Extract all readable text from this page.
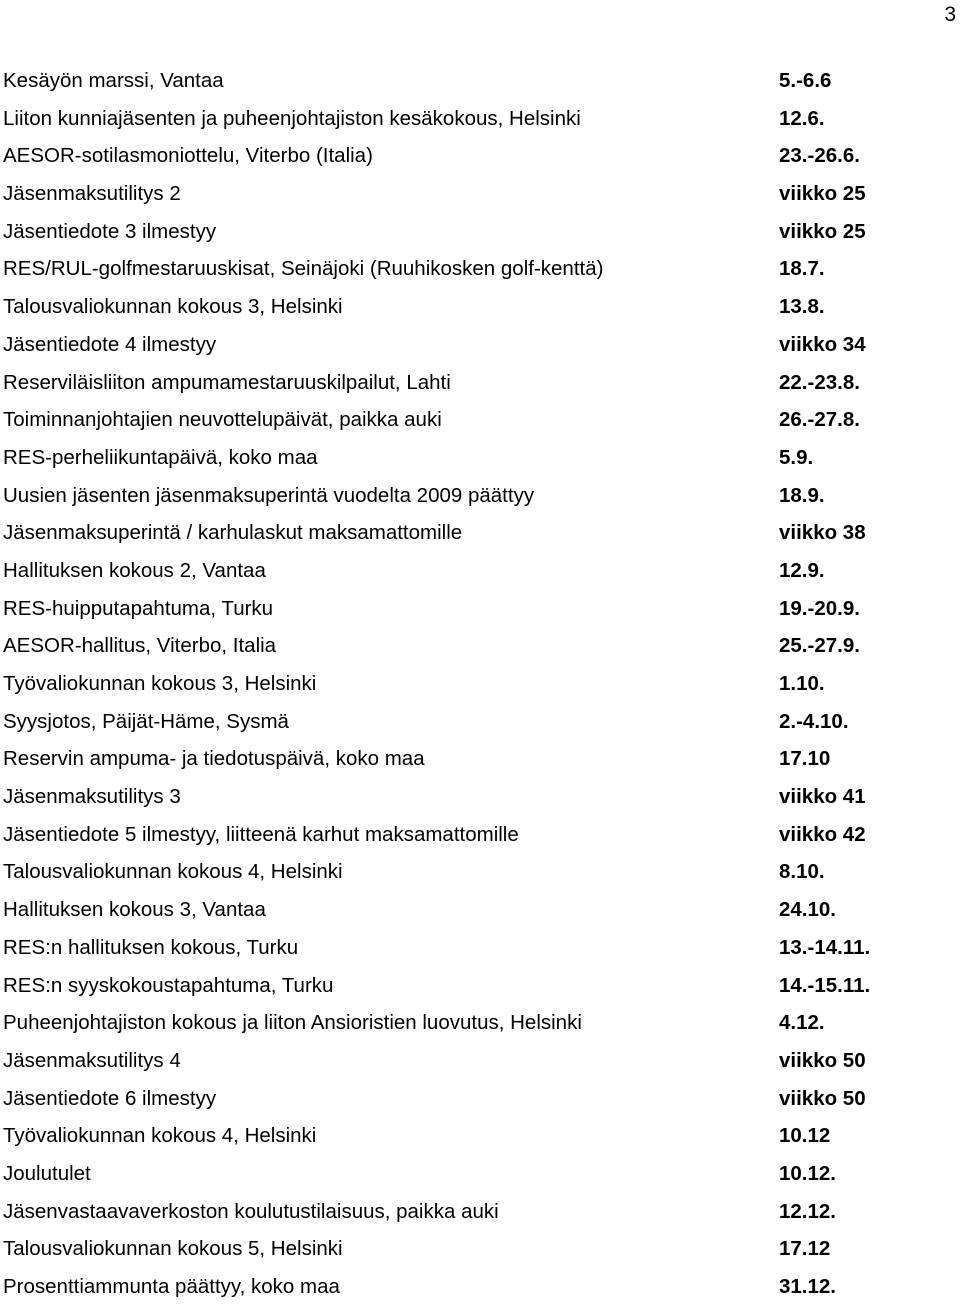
3
Kesäyön marssi, Vantaa	5.-6.6
Liiton kunniajäsenten ja puheenjohtajiston kesäkokous, Helsinki	12.6.
AESOR-sotilasmoniottelu, Viterbo (Italia)	23.-26.6.
Jäsenmaksutilitys 2	viikko 25
Jäsentiedote 3 ilmestyy	viikko 25
RES/RUL-golfmestaruuskisat, Seinäjoki (Ruuhikosken golf-kenttä)	18.7.
Talousvaliokunnan kokous 3, Helsinki	13.8.
Jäsentiedote 4 ilmestyy	viikko 34
Reserviläisliiton ampumamestaruuskilpailut, Lahti	22.-23.8.
Toiminnanjohtajien neuvottelupäivät, paikka auki	26.-27.8.
RES-perheliikuntapäivä, koko maa	5.9.
Uusien jäsenten jäsenmaksuperintä vuodelta 2009 päättyy	18.9.
Jäsenmaksuperintä / karhulaskut maksamattomille	viikko 38
Hallituksen kokous 2, Vantaa	12.9.
RES-huipputapahtuma, Turku	19.-20.9.
AESOR-hallitus, Viterbo, Italia	25.-27.9.
Työvaliokunnan kokous 3, Helsinki	1.10.
Syysjotos, Päijät-Häme, Sysmä	2.-4.10.
Reservin ampuma- ja tiedotuspäivä, koko maa	17.10
Jäsenmaksutilitys 3	viikko 41
Jäsentiedote 5 ilmestyy, liitteenä karhut maksamattomille	viikko 42
Talousvaliokunnan kokous 4, Helsinki	8.10.
Hallituksen kokous 3, Vantaa	24.10.
RES:n hallituksen kokous, Turku	13.-14.11.
RES:n syyskokoustapahtuma, Turku	14.-15.11.
Puheenjohtajiston kokous ja liiton Ansioristien luovutus, Helsinki	4.12.
Jäsenmaksutilitys 4	viikko 50
Jäsentiedote 6 ilmestyy	viikko 50
Työvaliokunnan kokous 4, Helsinki	10.12
Joulutulet	10.12.
Jäsenvastaavaverkoston koulutustilaisuus, paikka auki	12.12.
Talousvaliokunnan kokous 5, Helsinki	17.12
Prosenttiammunta päättyy, koko maa	31.12.
